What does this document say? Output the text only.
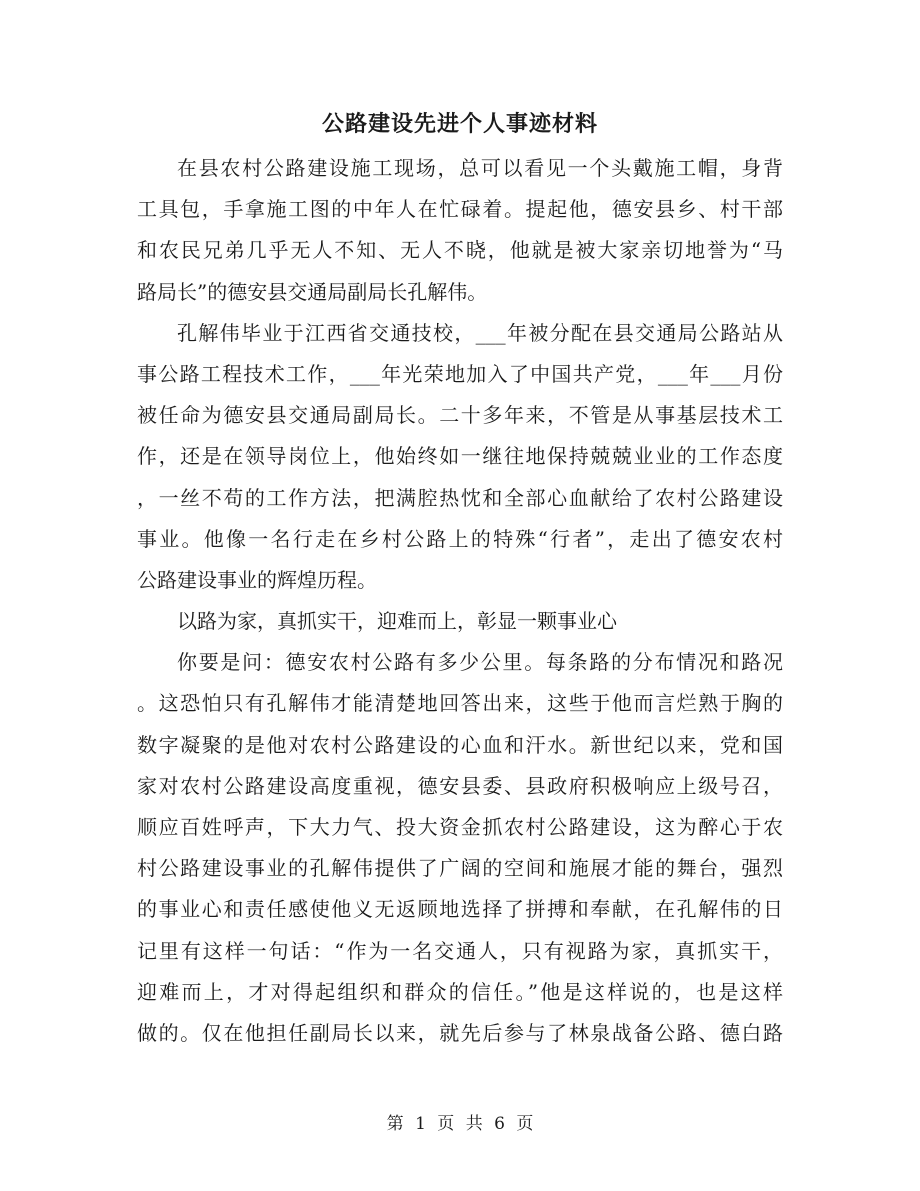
公路建设先进个人事迹材料
在县农村公路建设施工现场，总可以看见一个头戴施工帽，身背
工具包，手拿施工图的中年人在忙碌着。提起他，德安县乡、村干部
和农民兄弟几乎无人不知、无人不晓，他就是被大家亲切地誉为“马
路局长”的德安县交通局副局长孔解伟。
孔解伟毕业于江西省交通技校，___年被分配在县交通局公路站从
事公路工程技术工作，___年光荣地加入了中国共产党，___年___月份
被任命为德安县交通局副局长。二十多年来，不管是从事基层技术工
作，还是在领导岗位上，他始终如一继往地保持兢兢业业的工作态度
，一丝不苟的工作方法，把满腔热忱和全部心血献给了农村公路建设
事业。他像一名行走在乡村公路上的特殊“行者”，走出了德安农村
公路建设事业的辉煌历程。
以路为家，真抓实干，迎难而上，彰显一颗事业心
你要是问：德安农村公路有多少公里。每条路的分布情况和路况
。这恐怕只有孔解伟才能清楚地回答出来，这些于他而言烂熟于胸的
数字凝聚的是他对农村公路建设的心血和汗水。新世纪以来，党和国
家对农村公路建设高度重视，德安县委、县政府积极响应上级号召，
顺应百姓呼声，下大力气、投大资金抓农村公路建设，这为醉心于农
村公路建设事业的孔解伟提供了广阔的空间和施展才能的舞台，强烈
的事业心和责任感使他义无返顾地选择了拼搏和奉献，在孔解伟的日
记里有这样一句话：“作为一名交通人，只有视路为家，真抓实干，
迎难而上，才对得起组织和群众的信任。”他是这样说的，也是这样
做的。仅在他担任副局长以来，就先后参与了林泉战备公路、德白路
第 1 页 共 6 页
